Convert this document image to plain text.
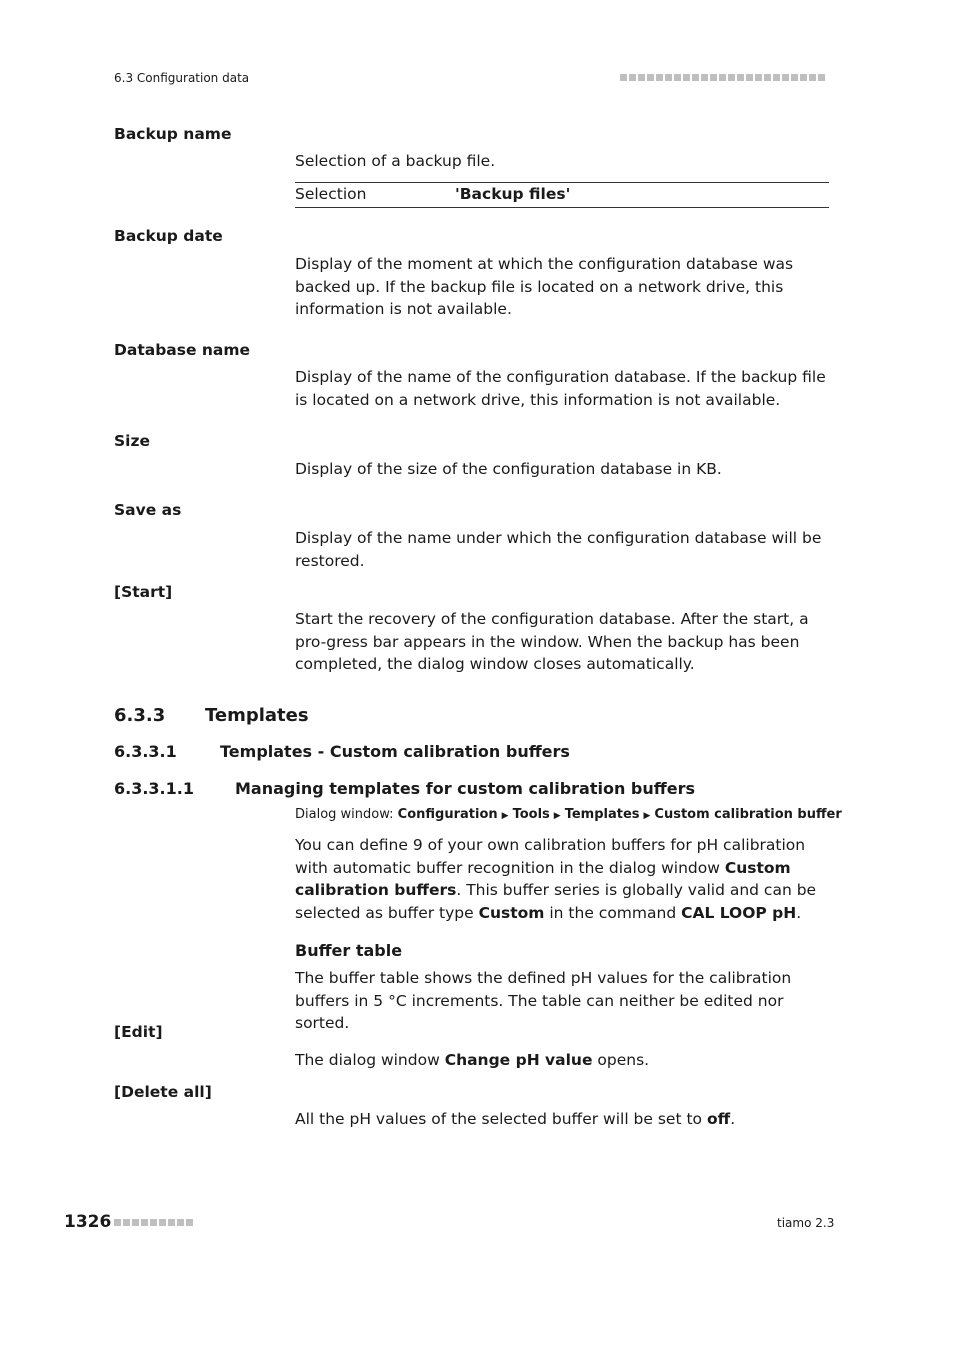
6.3 Configuration data
Backup name
Selection of a backup file.
Selection	'Backup files'
Backup date
Display of the moment at which the configuration database was backed up. If the backup file is located on a network drive, this information is not available.
Database name
Display of the name of the configuration database. If the backup file is located on a network drive, this information is not available.
Size
Display of the size of the configuration database in KB.
Save as
Display of the name under which the configuration database will be restored.
[Start]
Start the recovery of the configuration database. After the start, a pro-gress bar appears in the window. When the backup has been completed, the dialog window closes automatically.
6.3.3 Templates
6.3.3.1	Templates - Custom calibration buffers
6.3.3.1.1	Managing templates for custom calibration buffers
Dialog window: Configuration ▶ Tools ▶ Templates ▶ Custom calibration buffer
You can define 9 of your own calibration buffers for pH calibration with automatic buffer recognition in the dialog window Custom calibration buffers. This buffer series is globally valid and can be selected as buffer type Custom in the command CAL LOOP pH.
Buffer table
The buffer table shows the defined pH values for the calibration buffers in 5 °C increments. The table can neither be edited nor sorted.
[Edit]
The dialog window Change pH value opens.
[Delete all]
All the pH values of the selected buffer will be set to off.
1326	tiamo 2.3
